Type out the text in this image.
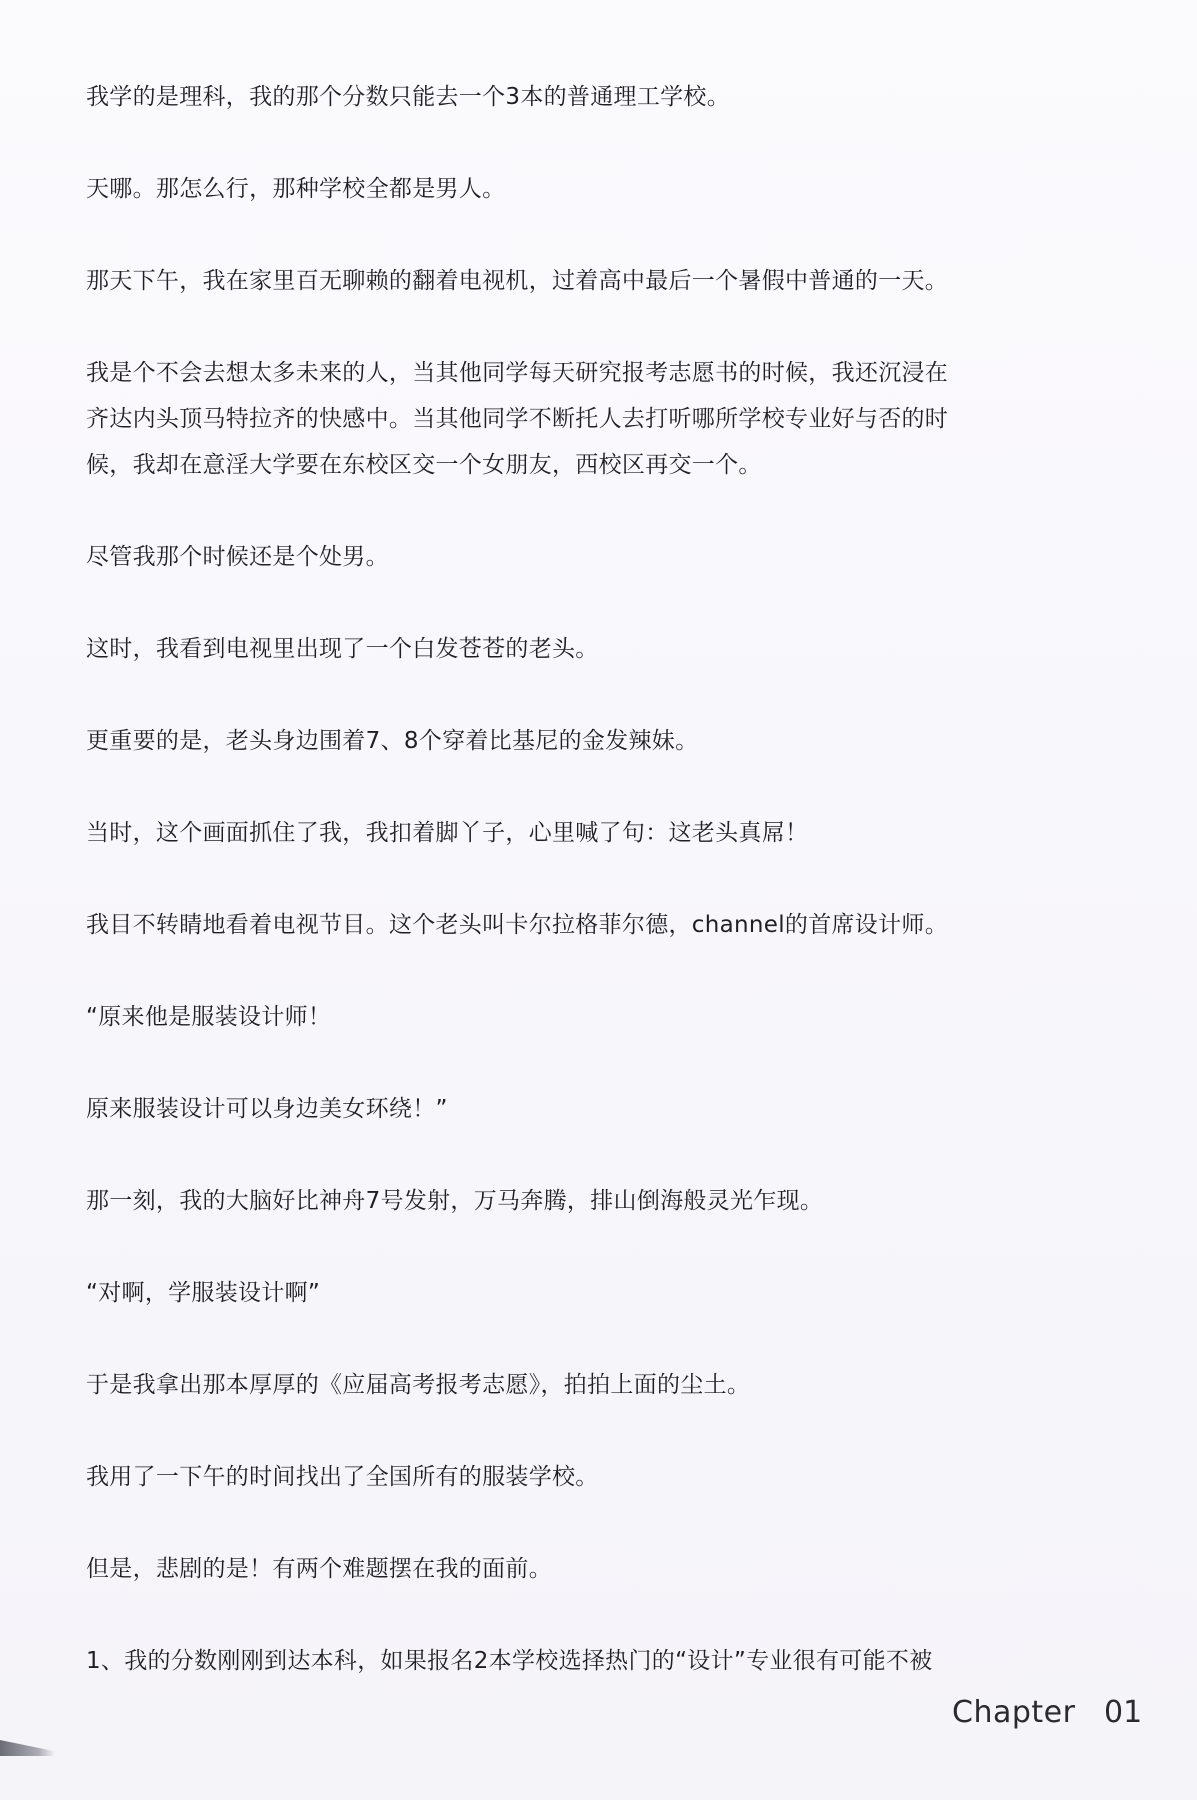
我学的是理科，我的那个分数只能去一个3本的普通理工学校。
天哪。那怎么行，那种学校全都是男人。
那天下午，我在家里百无聊赖的翻着电视机，过着高中最后一个暑假中普通的一天。
我是个不会去想太多未来的人，当其他同学每天研究报考志愿书的时候，我还沉浸在
齐达内头顶马特拉齐的快感中。当其他同学不断托人去打听哪所学校专业好与否的时
候，我却在意淫大学要在东校区交一个女朋友，西校区再交一个。
尽管我那个时候还是个处男。
这时，我看到电视里出现了一个白发苍苍的老头。
更重要的是，老头身边围着7、8个穿着比基尼的金发辣妹。
当时，这个画面抓住了我，我扣着脚丫子，心里喊了句：这老头真屌！
我目不转睛地看着电视节目。这个老头叫卡尔拉格菲尔德，channel的首席设计师。
“原来他是服装设计师！
原来服装设计可以身边美女环绕！”
那一刻，我的大脑好比神舟7号发射，万马奔腾，排山倒海般灵光乍现。
“对啊，学服装设计啊”
于是我拿出那本厚厚的《应届高考报考志愿》，拍拍上面的尘土。
我用了一下午的时间找出了全国所有的服装学校。
但是，悲剧的是！有两个难题摆在我的面前。
1、我的分数刚刚到达本科，如果报名2本学校选择热门的“设计”专业很有可能不被
Chapter 01
